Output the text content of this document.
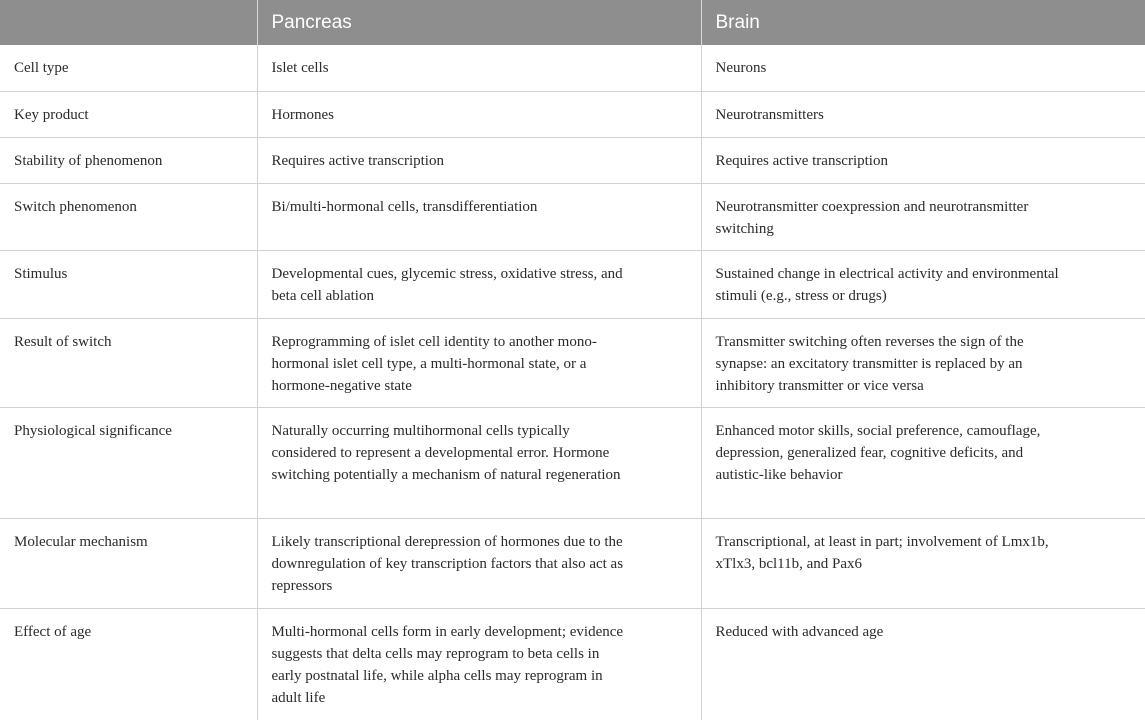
	Pancreas	Brain
Cell type	Islet cells	Neurons
Key product	Hormones	Neurotransmitters
Stability of phenomenon	Requires active transcription	Requires active transcription
Switch phenomenon	Bi/multi-hormonal cells, transdifferentiation	Neurotransmitter coexpression and neurotransmitter switching
Stimulus	Developmental cues, glycemic stress, oxidative stress, and beta cell ablation	Sustained change in electrical activity and environmental stimuli (e.g., stress or drugs)
Result of switch	Reprogramming of islet cell identity to another mono-hormonal islet cell type, a multi-hormonal state, or a hormone-negative state	Transmitter switching often reverses the sign of the synapse: an excitatory transmitter is replaced by an inhibitory transmitter or vice versa
Physiological significance	Naturally occurring multihormonal cells typically considered to represent a developmental error. Hormone switching potentially a mechanism of natural regeneration	Enhanced motor skills, social preference, camouflage, depression, generalized fear, cognitive deficits, and autistic-like behavior
Molecular mechanism	Likely transcriptional derepression of hormones due to the downregulation of key transcription factors that also act as repressors	Transcriptional, at least in part; involvement of Lmx1b, xTlx3, bcl11b, and Pax6
Effect of age	Multi-hormonal cells form in early development; evidence suggests that delta cells may reprogram to beta cells in early postnatal life, while alpha cells may reprogram in adult life	Reduced with advanced age
